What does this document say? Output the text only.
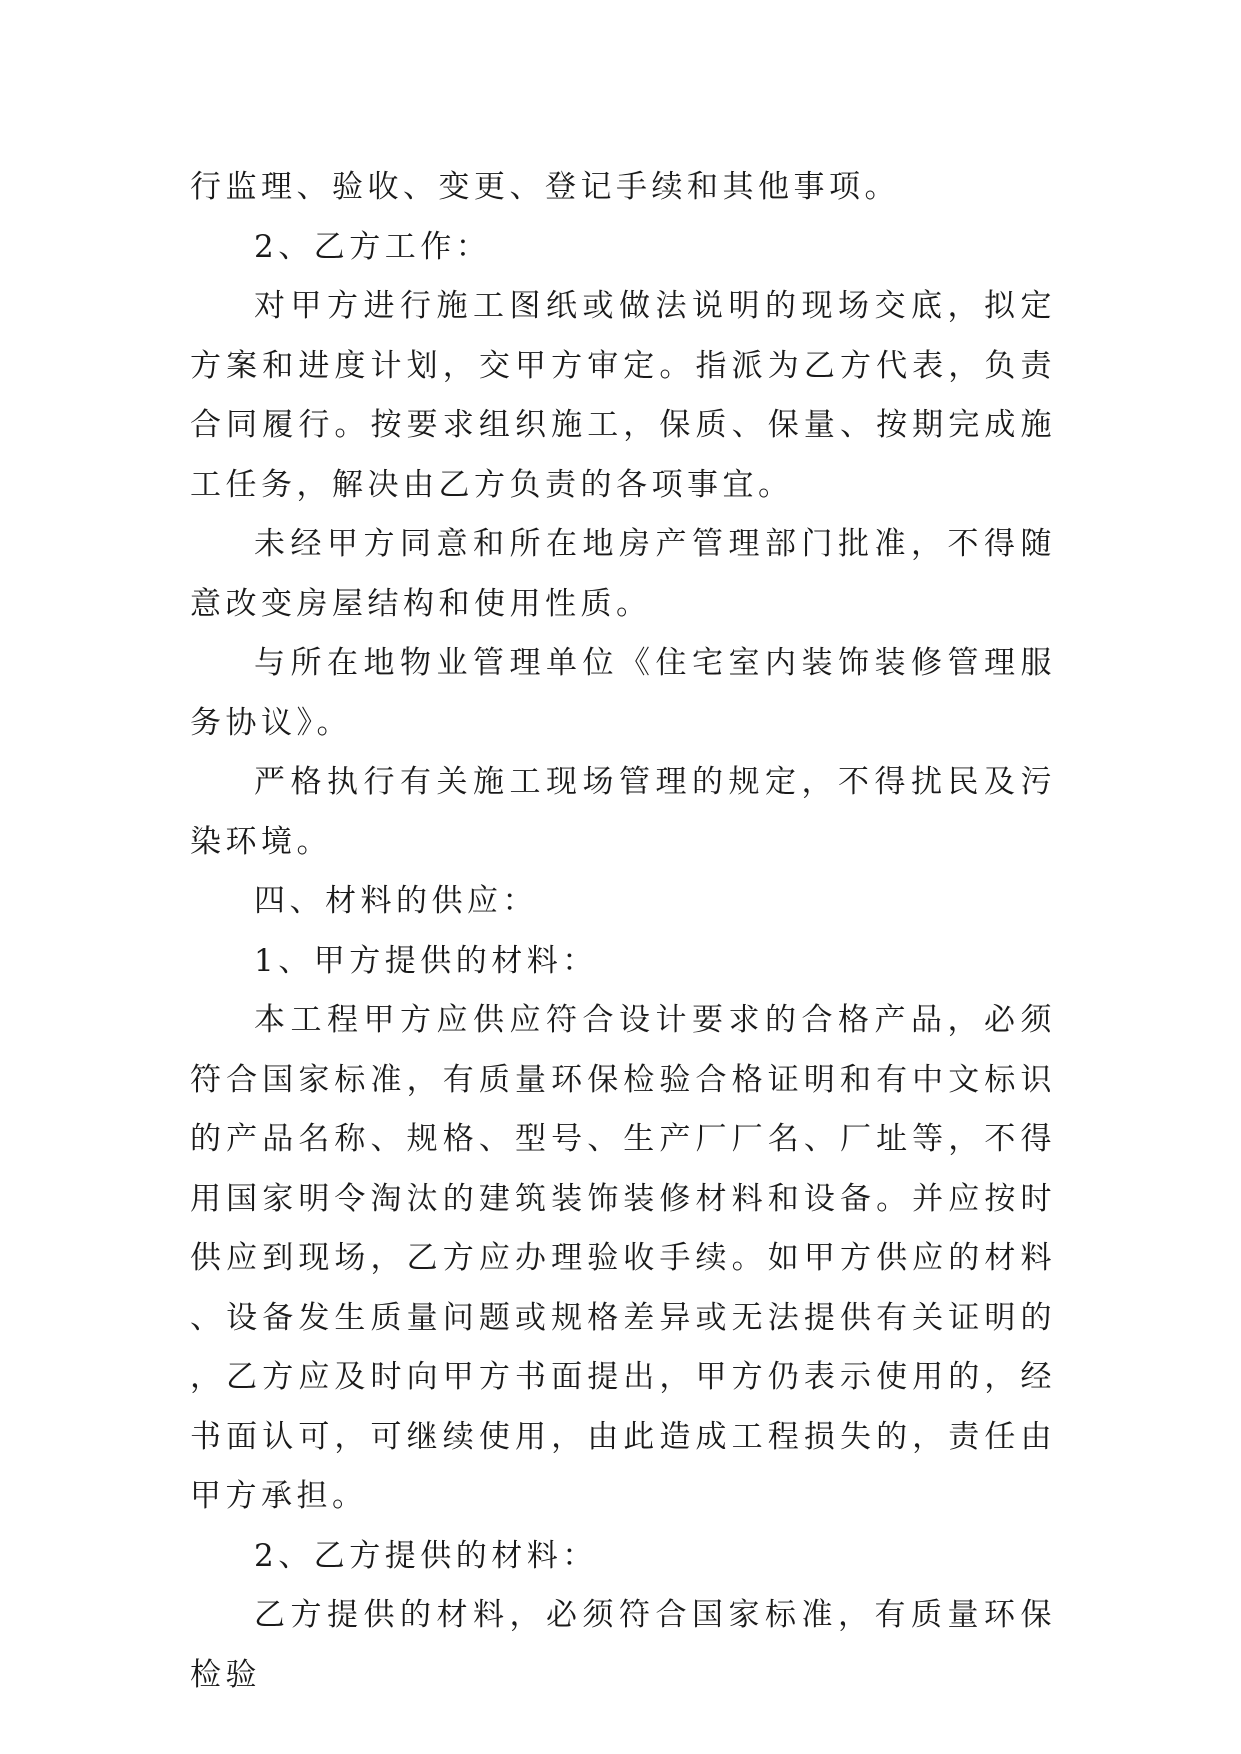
行监理、验收、变更、登记手续和其他事项。

2、乙方工作：

对甲方进行施工图纸或做法说明的现场交底，拟定方案和进度计划，交甲方审定。指派为乙方代表，负责合同履行。按要求组织施工，保质、保量、按期完成施工任务，解决由乙方负责的各项事宜。

未经甲方同意和所在地房产管理部门批准，不得随意改变房屋结构和使用性质。

与所在地物业管理单位《住宅室内装饰装修管理服务协议》。

严格执行有关施工现场管理的规定，不得扰民及污染环境。

四、材料的供应：

1、甲方提供的材料：

本工程甲方应供应符合设计要求的合格产品，必须符合国家标准，有质量环保检验合格证明和有中文标识的产品名称、规格、型号、生产厂厂名、厂址等，不得用国家明令淘汰的建筑装饰装修材料和设备。并应按时供应到现场，乙方应办理验收手续。如甲方供应的材料、设备发生质量问题或规格差异或无法提供有关证明的，乙方应及时向甲方书面提出，甲方仍表示使用的，经书面认可，可继续使用，由此造成工程损失的，责任由甲方承担。

2、乙方提供的材料：

乙方提供的材料，必须符合国家标准，有质量环保检验
